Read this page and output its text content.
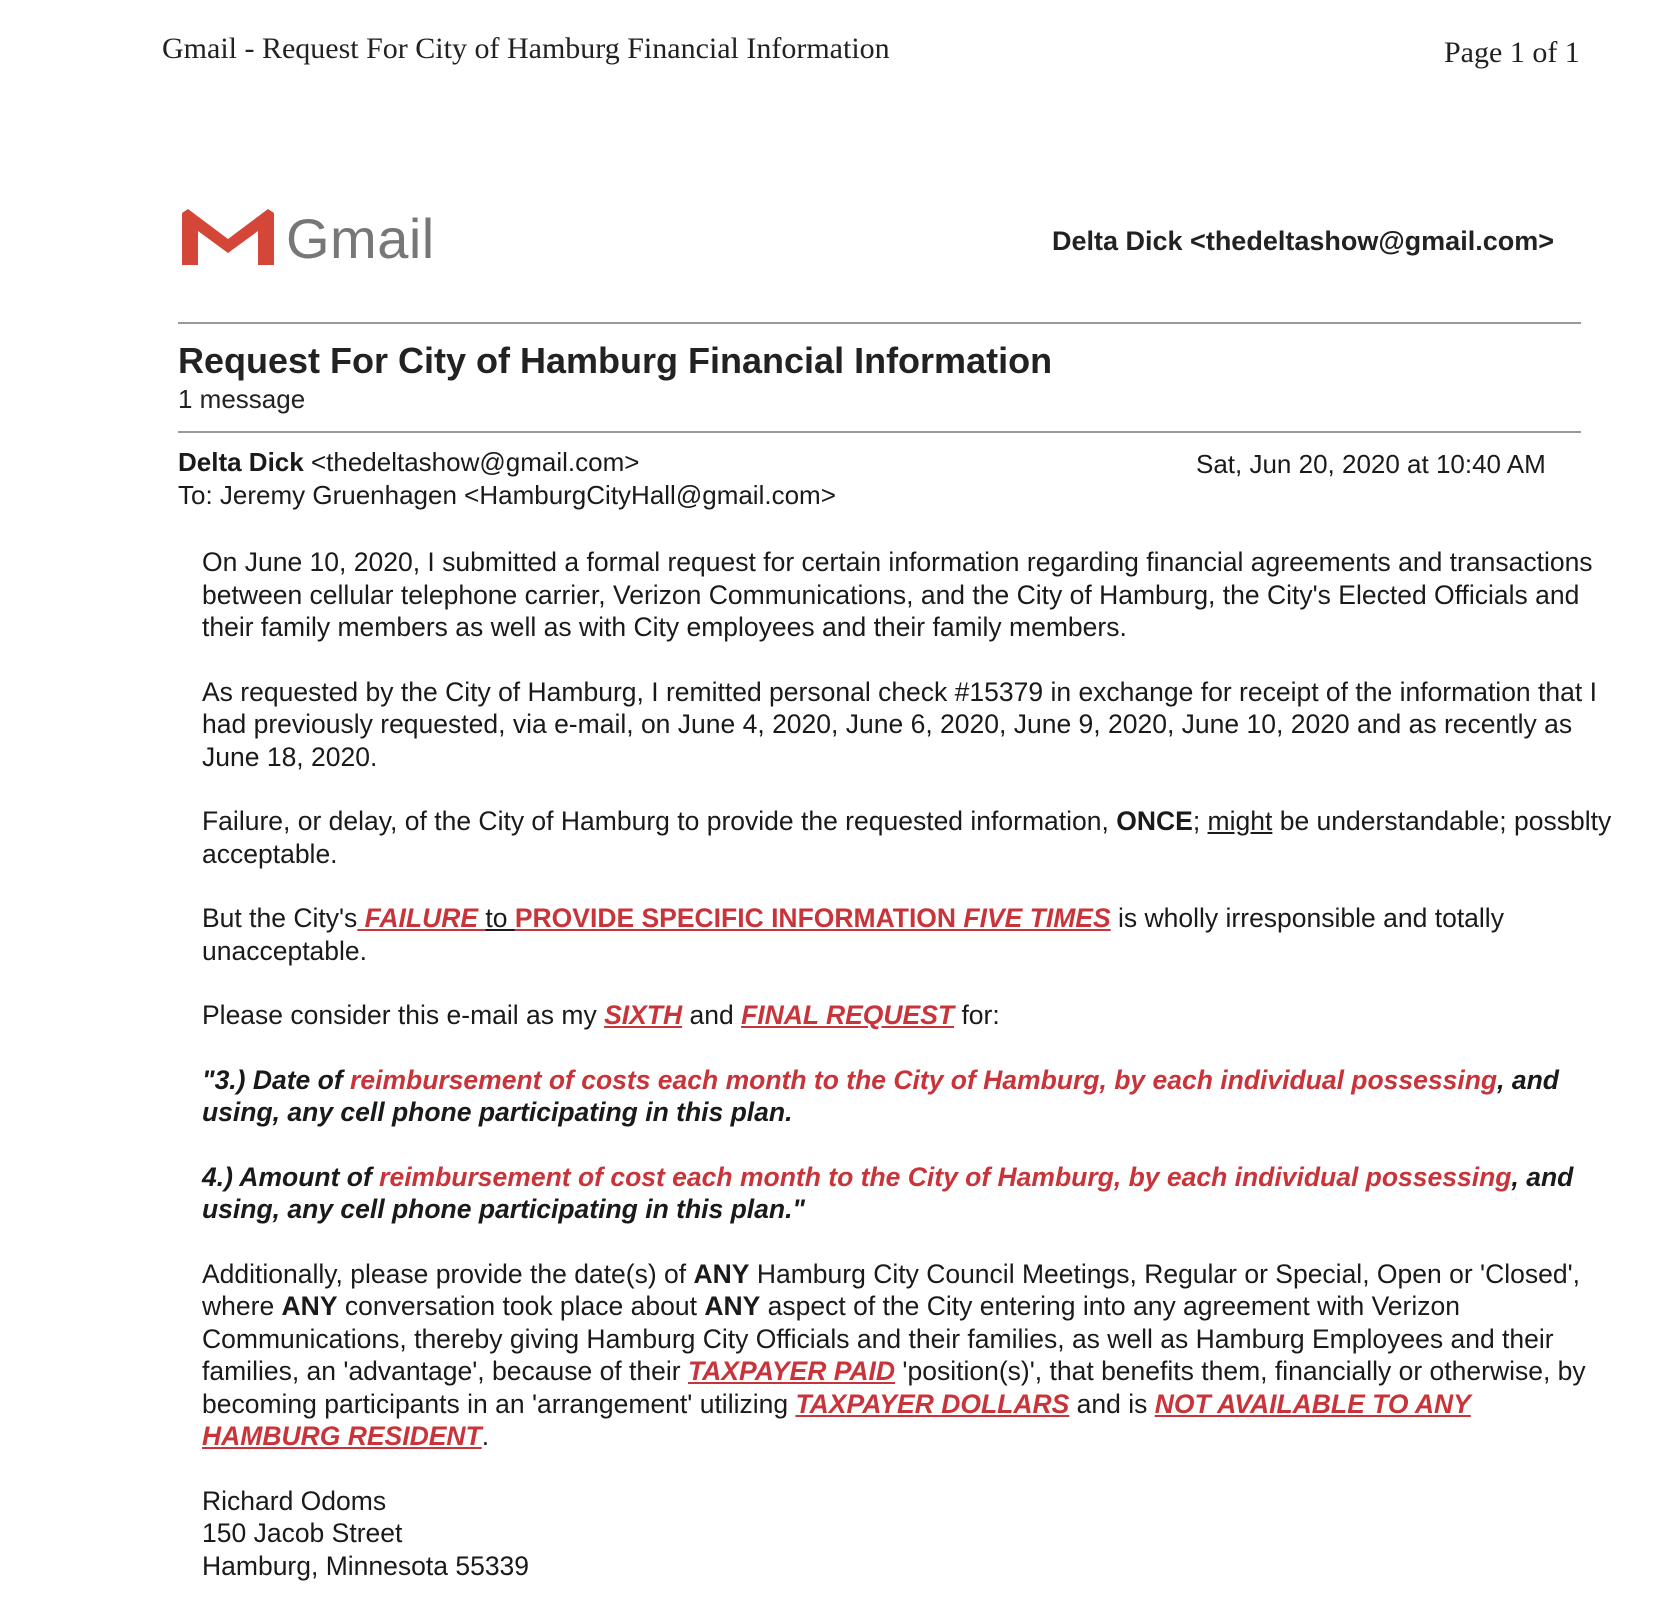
Gmail - Request For City of Hamburg Financial Information	Page 1 of 1
Gmail	Delta Dick <thedeltashow@gmail.com>
Request For City of Hamburg Financial Information
1 message
Delta Dick <thedeltashow@gmail.com>
To: Jeremy Gruenhagen <HamburgCityHall@gmail.com>
Sat, Jun 20, 2020 at 10:40 AM

On June 10, 2020, I submitted a formal request for certain information regarding financial agreements and transactions between cellular telephone carrier, Verizon Communications, and the City of Hamburg, the City's Elected Officials and their family members as well as with City employees and their family members.

As requested by the City of Hamburg, I remitted personal check #15379 in exchange for receipt of the information that I had previously requested, via e-mail, on June 4, 2020, June 6, 2020, June 9, 2020, June 10, 2020 and as recently as June 18, 2020.

Failure, or delay, of the City of Hamburg to provide the requested information, ONCE; might be understandable; possblty acceptable.

But the City's FAILURE to PROVIDE SPECIFIC INFORMATION FIVE TIMES is wholly irresponsible and totally unacceptable.

Please consider this e-mail as my SIXTH and FINAL REQUEST for:

"3.) Date of reimbursement of costs each month to the City of Hamburg, by each individual possessing, and using, any cell phone participating in this plan.

4.) Amount of reimbursement of cost each month to the City of Hamburg, by each individual possessing, and using, any cell phone participating in this plan."

Additionally, please provide the date(s) of ANY Hamburg City Council Meetings, Regular or Special, Open or 'Closed', where ANY conversation took place about ANY aspect of the City entering into any agreement with Verizon Communications, thereby giving Hamburg City Officials and their families, as well as Hamburg Employees and their families, an 'advantage', because of their TAXPAYER PAID 'position(s)', that benefits them, financially or otherwise, by becoming participants in an 'arrangement' utilizing TAXPAYER DOLLARS and is NOT AVAILABLE TO ANY HAMBURG RESIDENT.

Richard Odoms
150 Jacob Street
Hamburg, Minnesota 55339
